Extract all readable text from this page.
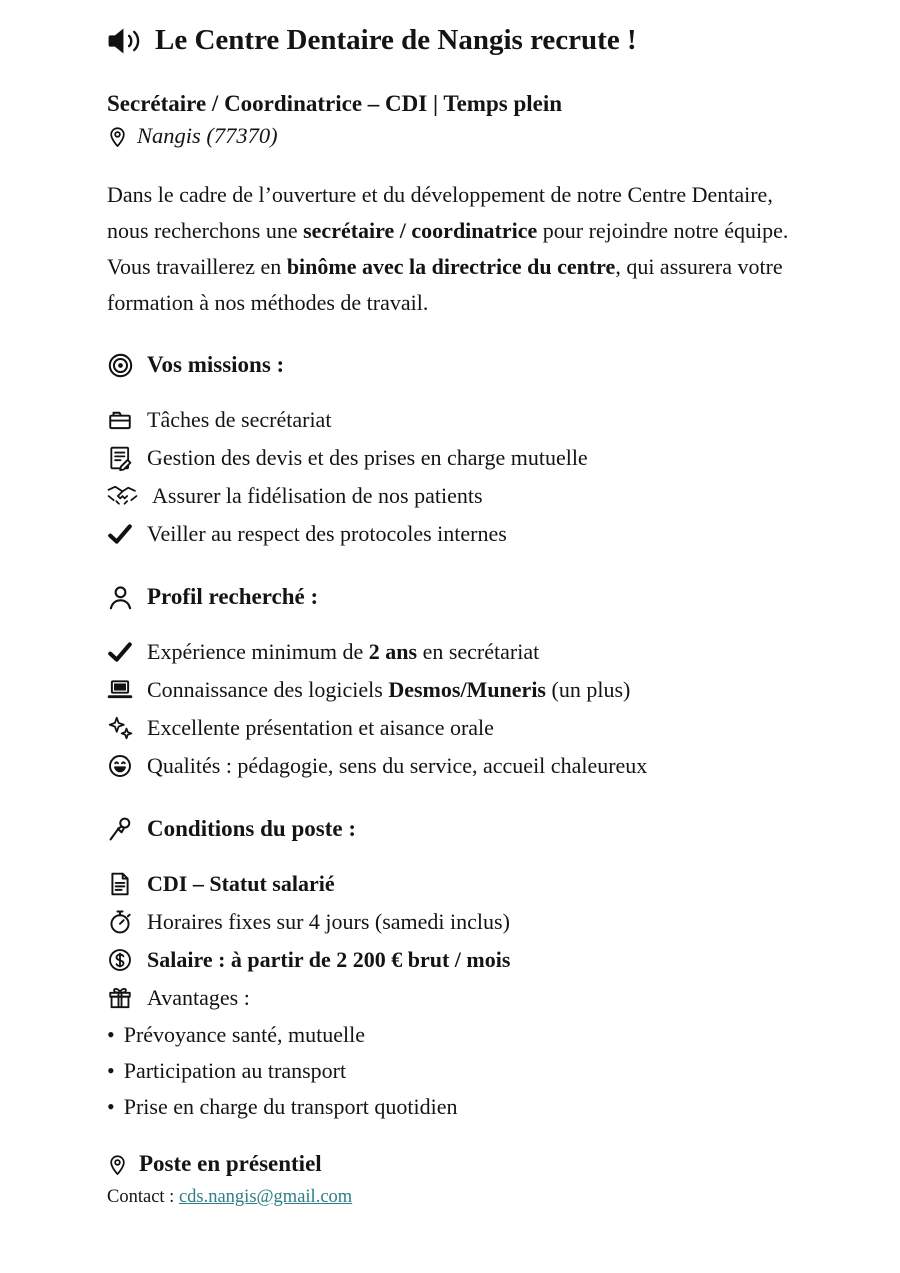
Le Centre Dentaire de Nangis recrute !
Secrétaire / Coordinatrice – CDI | Temps plein
Nangis (77370)

Dans le cadre de l’ouverture et du développement de notre Centre Dentaire, nous recherchons une secrétaire / coordinatrice pour rejoindre notre équipe.

Vous travaillerez en binôme avec la directrice du centre, qui assurera votre formation à nos méthodes de travail.

Vos missions :
Tâches de secrétariat
Gestion des devis et des prises en charge mutuelle
Assurer la fidélisation de nos patients
Veiller au respect des protocoles internes
Profil recherché :
Expérience minimum de 2 ans en secrétariat
Connaissance des logiciels Desmos/Muneris (un plus)
Excellente présentation et aisance orale
Qualités : pédagogie, sens du service, accueil chaleureux
Conditions du poste :
CDI – Statut salarié
Horaires fixes sur 4 jours (samedi inclus)
Salaire : à partir de 2 200 € brut / mois
Avantages :
• Prévoyance santé, mutuelle
• Participation au transport
• Prise en charge du transport quotidien
Poste en présentiel
Contact : cds.nangis@gmail.com
